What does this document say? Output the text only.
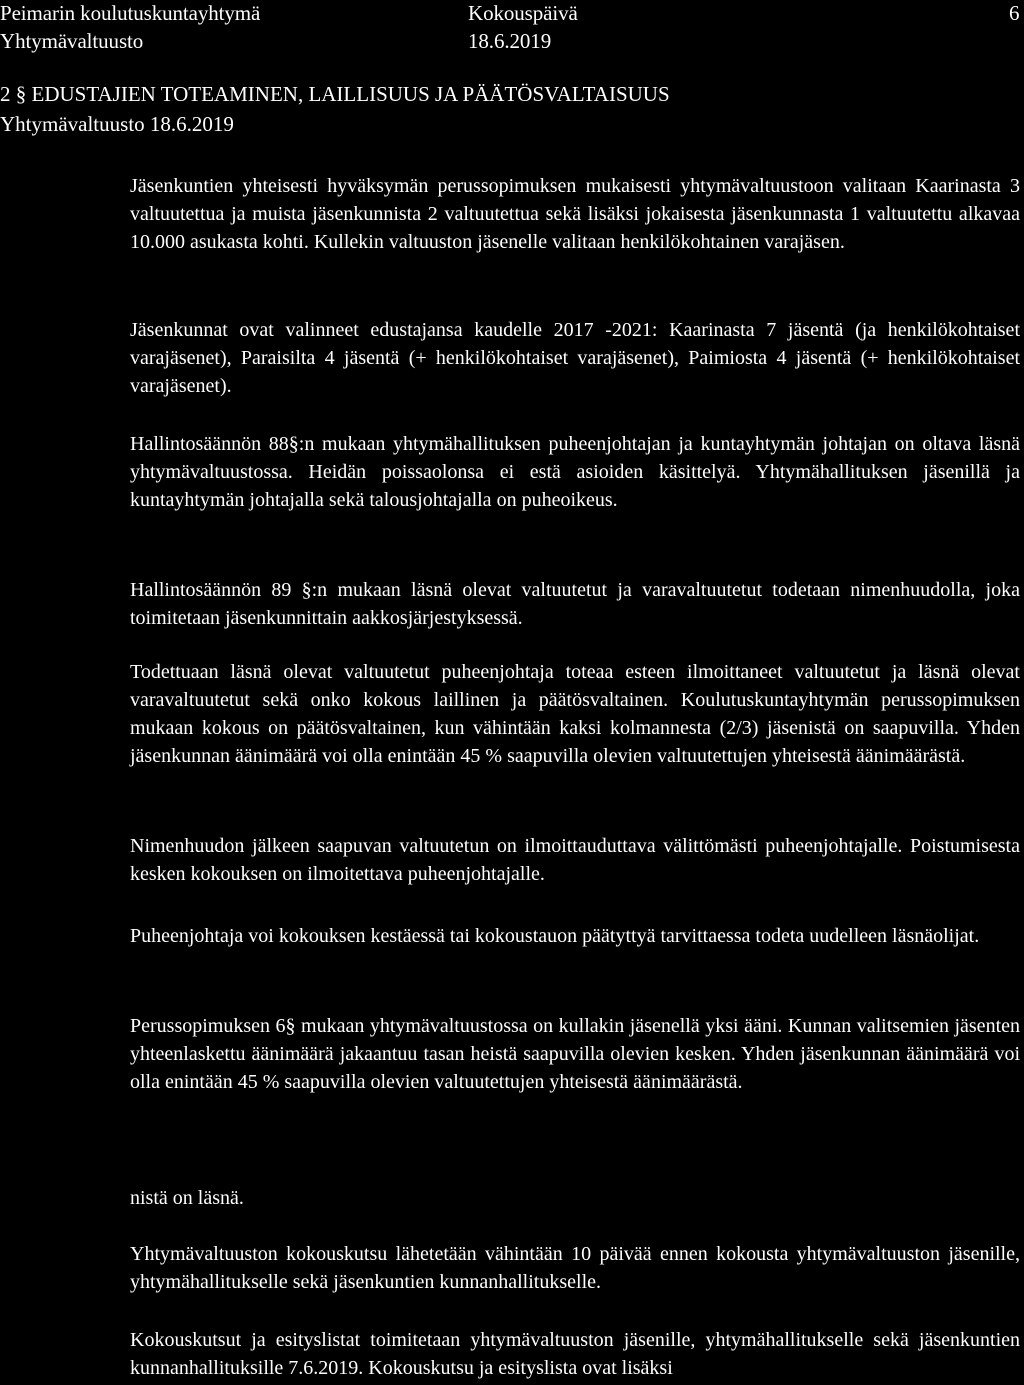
Peimarin koulutuskuntayhtymä
Yhtymävaltuusto
Kokouspäivä
18.6.2019
6
2 § EDUSTAJIEN TOTEAMINEN, LAILLISUUS JA PÄÄTÖSVALTAISUUS
Yhtymävaltuusto 18.6.2019

Jäsenkuntien yhteisesti hyväksymän perussopimuksen mukaisesti yhtymävaltuustoon valitaan Kaarinasta 3 valtuutettua ja muista jäsenkunnista 2 valtuutettua sekä lisäksi jokaisesta jäsenkunnasta 1 valtuutettu alkavaa 10.000 asukasta kohti. Kullekin valtuuston jäsenelle valitaan henkilökohtainen varajäsen.

Jäsenkunnat ovat valinneet edustajansa kaudelle 2017 -2021: Kaarinasta 7 jäsentä (ja henkilökohtaiset varajäsenet), Paraisilta 4 jäsentä (+ henkilökohtaiset varajäsenet), Paimiosta 4 jäsentä (+ henkilökohtaiset varajäsenet).

Hallintosäännön 88§:n mukaan yhtymähallituksen puheenjohtajan ja kuntayhtymän johtajan on oltava läsnä yhtymävaltuustossa. Heidän poissaolonsa ei estä asioiden käsittelyä. Yhtymähallituksen jäsenillä ja kuntayhtymän johtajalla sekä talousjohtajalla on puheoikeus.

Hallintosäännön 89 §:n mukaan läsnä olevat valtuutetut ja varavaltuutetut todetaan nimenhuudolla, joka toimitetaan jäsenkunnittain aakkosjärjestyksessä.

Todettuaan läsnä olevat valtuutetut puheenjohtaja toteaa esteen ilmoittaneet valtuutetut ja läsnä olevat varavaltuutetut sekä onko kokous laillinen ja päätösvaltainen. Koulutuskuntayhtymän perussopimuksen mukaan kokous on päätösvaltainen, kun vähintään kaksi kolmannesta (2/3) jäsenistä on saapuvilla. Yhden jäsenkunnan äänimäärä voi olla enintään 45 % saapuvilla olevien valtuutettujen yhteisestä äänimäärästä.

Nimenhuudon jälkeen saapuvan valtuutetun on ilmoittauduttava välittömästi puheenjohtajalle. Poistumisesta kesken kokouksen on ilmoitettava puheenjohtajalle.

Puheenjohtaja voi kokouksen kestäessä tai kokoustauon päätyttyä tarvittaessa todeta uudelleen läsnäolijat.

Perussopimuksen 6§ mukaan yhtymävaltuustossa on kullakin jäsenellä yksi ääni. Kunnan valitsemien jäsenten yhteenlaskettu äänimäärä jakaantuu tasan heistä saapuvilla olevien kesken. Yhden jäsenkunnan äänimäärä voi olla enintään 45 % saapuvilla olevien valtuutettujen yhteisestä äänimäärästä.

nistä on läsnä.

Yhtymävaltuuston kokouskutsu lähetetään vähintään 10 päivää ennen kokousta yhtymävaltuuston jäsenille, yhtymähallitukselle sekä jäsenkuntien kunnanhallitukselle.

Kokouskutsut ja esityslistat toimitetaan yhtymävaltuuston jäsenille, yhtymähallitukselle sekä jäsenkuntien kunnanhallituksille 7.6.2019. Kokouskutsu ja esityslista ovat lisäksi
